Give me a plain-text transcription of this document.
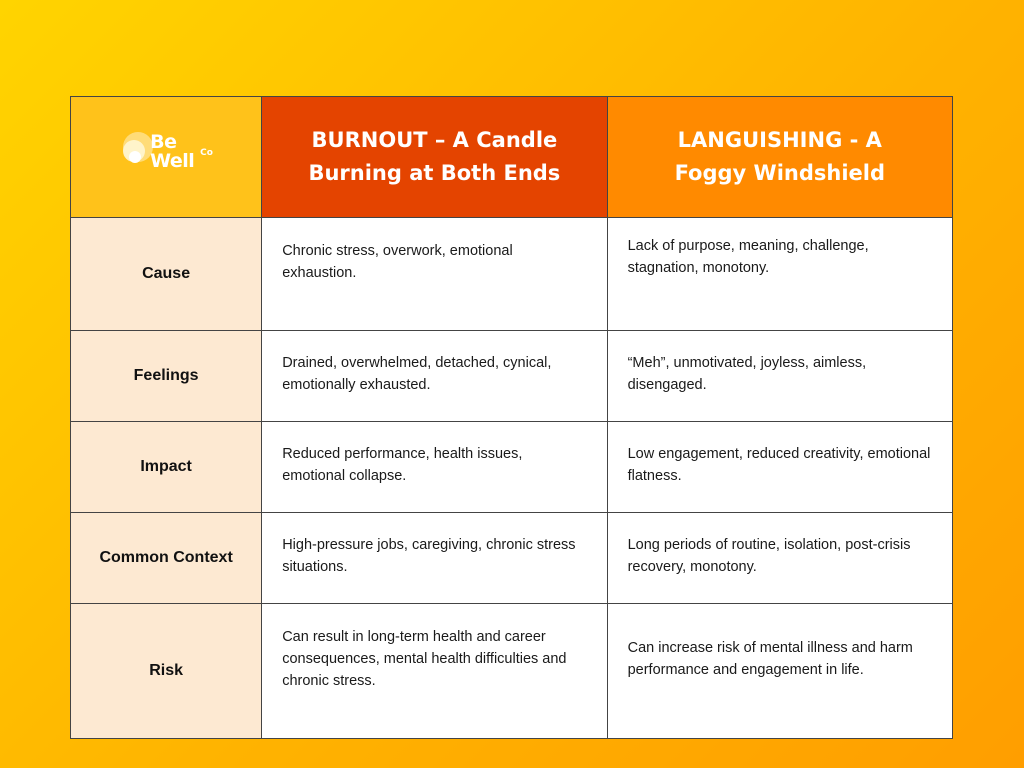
Be
Well Co	BURNOUT – A Candle Burning at Both Ends	LANGUISHING - A Foggy Windshield

Cause	Chronic stress, overwork, emotional exhaustion.	Lack of purpose, meaning, challenge, stagnation, monotony.

Feelings	Drained, overwhelmed, detached, cynical, emotionally exhausted.	“Meh”, unmotivated, joyless, aimless, disengaged.

Impact	Reduced performance, health issues, emotional collapse.	Low engagement, reduced creativity, emotional flatness.

Common Context	High-pressure jobs, caregiving, chronic stress situations.	Long periods of routine, isolation, post-crisis recovery, monotony.

Risk	Can result in long-term health and career consequences, mental health difficulties and chronic stress.	Can increase risk of mental illness and harm performance and engagement in life.
